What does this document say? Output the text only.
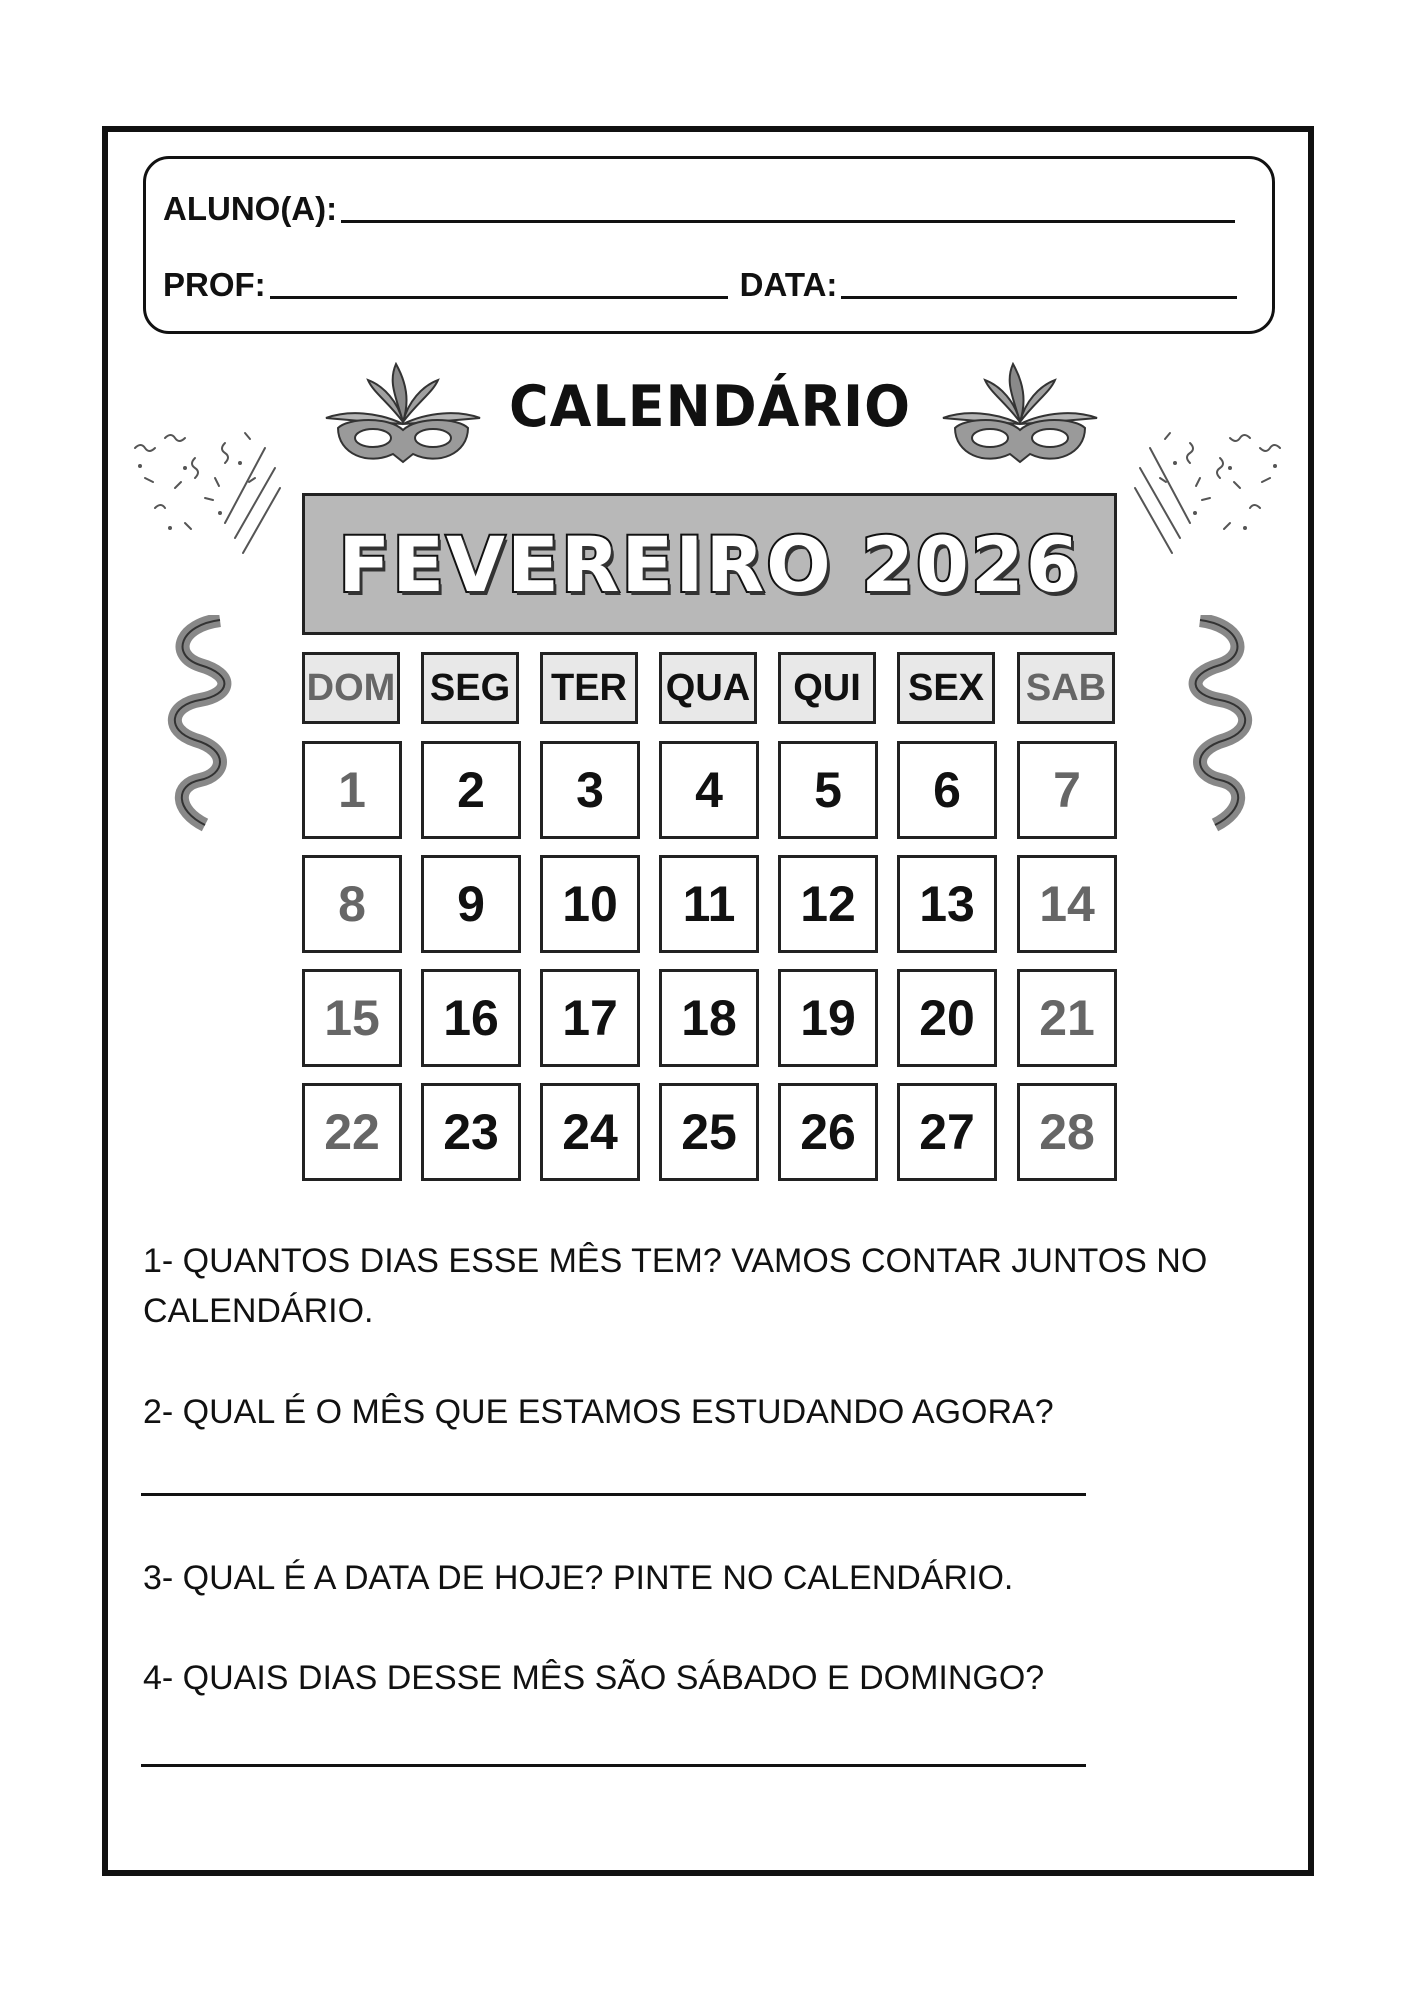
ALUNO(A):
PROF:	DATA:
CALENDÁRIO
FEVEREIRO 2026
DOM SEG TER QUA	QUI	SEX SAB
1	2	3	4	5	6	7
8	9	10	11	12	13	14
15	16	17	18	19	20	21
22	23	24	25	26	27	28
1- QUANTOS DIAS ESSE MÊS TEM? VAMOS CONTAR JUNTOS NO CALENDÁRIO.
2- QUAL É O MÊS QUE ESTAMOS ESTUDANDO AGORA?
3- QUAL É A DATA DE HOJE? PINTE NO CALENDÁRIO.
4- QUAIS DIAS DESSE MÊS SÃO SÁBADO E DOMINGO?
